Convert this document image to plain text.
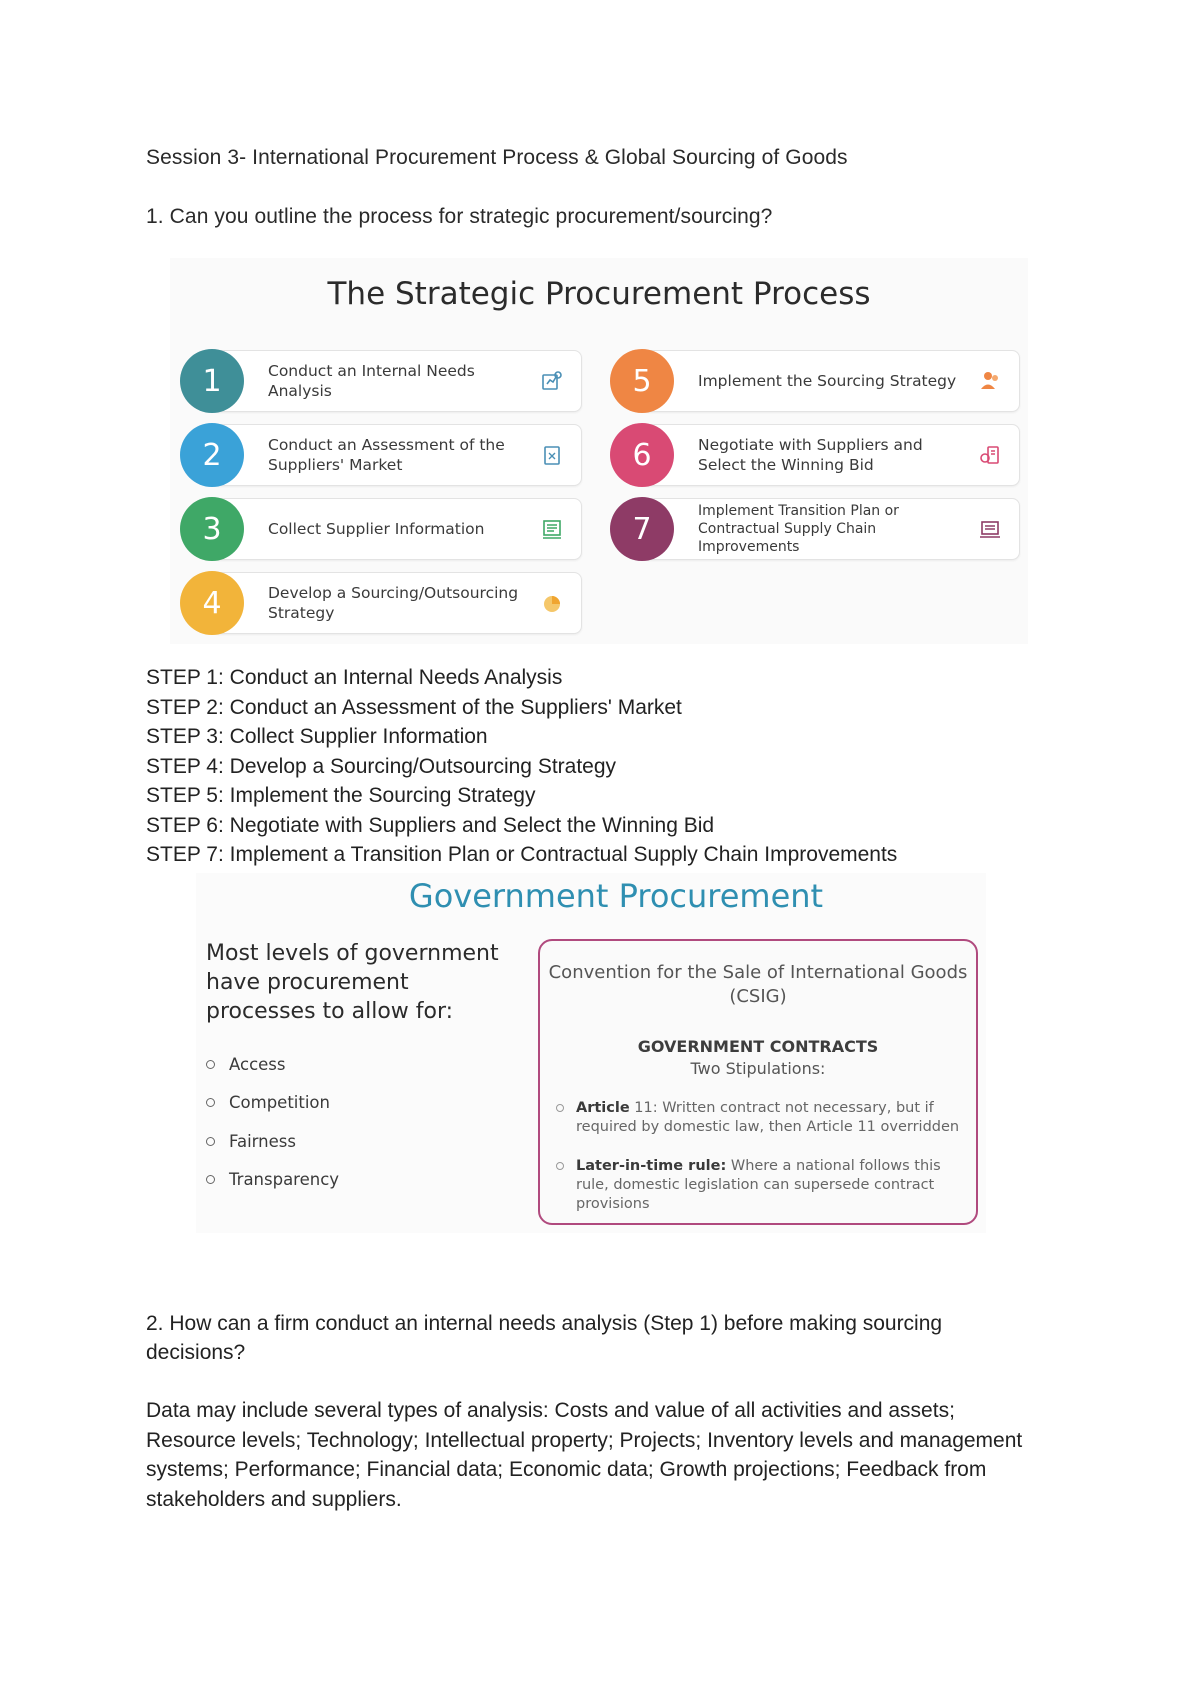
Session 3- International Procurement Process & Global Sourcing of Goods
1. Can you outline the process for strategic procurement/sourcing?
The Strategic Procurement Process
1	Conduct an Internal Needs Analysis
2	Conduct an Assessment of the Suppliers' Market
3	Collect Supplier Information
4	Develop a Sourcing/Outsourcing Strategy
5	Implement the Sourcing Strategy
6	Negotiate with Suppliers and Select the Winning Bid
7
Implement Transition Plan or Contractual Supply Chain Improvements
STEP 1: Conduct an Internal Needs Analysis
STEP 2: Conduct an Assessment of the Suppliers' Market
STEP 3: Collect Supplier Information
STEP 4: Develop a Sourcing/Outsourcing Strategy
STEP 5: Implement the Sourcing Strategy
STEP 6: Negotiate with Suppliers and Select the Winning Bid
STEP 7: Implement a Transition Plan or Contractual Supply Chain Improvements
Government Procurement
Most levels of government have procurement processes to allow for:
Access
Competition
Fairness
Transparency
Convention for the Sale of International Goods (CSIG)
GOVERNMENT CONTRACTS
Two Stipulations:
Article 11: Written contract not necessary, but if required by domestic law, then Article 11 overridden
Later-in-time rule: Where a national follows this rule, domestic legislation can supersede contract provisions
2. How can a firm conduct an internal needs analysis (Step 1) before making sourcing decisions?
Data may include several types of analysis: Costs and value of all activities and assets; Resource levels; Technology; Intellectual property; Projects; Inventory levels and management systems; Performance; Financial data; Economic data; Growth projections; Feedback from stakeholders and suppliers.
